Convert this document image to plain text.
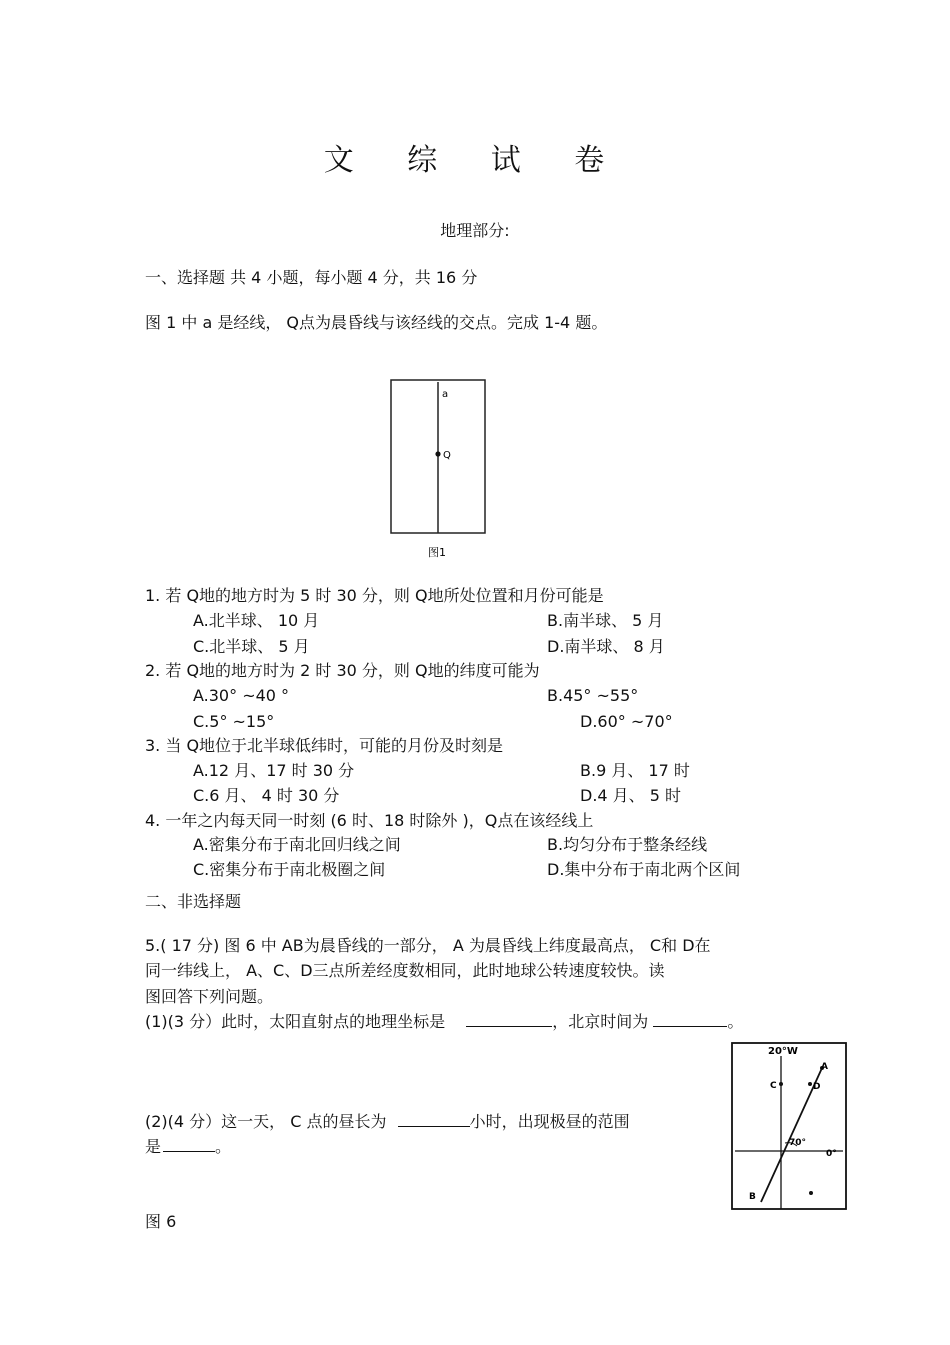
文 综 试 卷
地理部分:
一、选择题 共 4 小题，每小题 4 分，共 16 分
图 1 中 a 是经线， Q点为晨昏线与该经线的交点。完成 1-4 题。
a
Q
图1
1. 若 Q地的地方时为 5 时 30 分，则 Q地所处位置和月份可能是
A.北半球、 10 月	B.南半球、 5 月
C.北半球、 5 月	D.南半球、 8 月
2. 若 Q地的地方时为 2 时 30 分，则 Q地的纬度可能为
A.30° ~40 °	B.45° ~55°
C.5° ~15°	D.60° ~70°
3. 当 Q地位于北半球低纬时，可能的月份及时刻是
A.12 月、17 时 30 分	B.9 月、 17 时
C.6 月、 4 时 30 分	D.4 月、 5 时
4. 一年之内每天同一时刻 (6 时、18 时除外 )，Q点在该经线上
A.密集分布于南北回归线之间	B.均匀分布于整条经线
C.密集分布于南北极圈之间	D.集中分布于南北两个区间
二、非选择题
5.( 17 分) 图 6 中 AB为晨昏线的一部分， A 为晨昏线上纬度最高点， C和 D在
同一纬线上， A、C、D三点所差经度数相同，此时地球公转速度较快。读
图回答下列问题。
(1)(3 分）此时，太阳直射点的地理坐标是	，北京时间为	。
(2)(4 分）这一天， C 点的昼长为	小时，出现极昼的范围
是	。
图 6
20°W
A
C	D
70°
0°
B
